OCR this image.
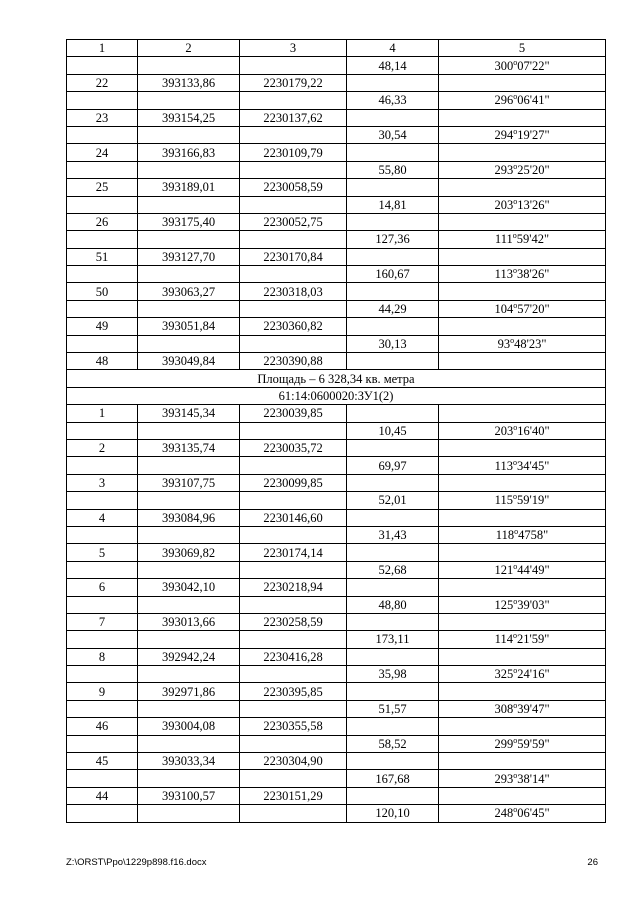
1	2	3	4	5
			48,14	300$^o$07'22"
22	393133,86	2230179,22		
			46,33	296$^o$06'41"
23	393154,25	2230137,62		
			30,54	294$^o$19'27"
24	393166,83	2230109,79		
			55,80	293$^o$25'20"
25	393189,01	2230058,59		
			14,81	203$^o$13'26"
26	393175,40	2230052,75		
			127,36	111$^o$59'42"
51	393127,70	2230170,84		
			160,67	113$^o$38'26"
50	393063,27	2230318,03		
			44,29	104$^o$57'20"
49	393051,84	2230360,82		
			30,13	93$^o$48'23"
48	393049,84	2230390,88		
Площадь – 6 328,34 кв. метра				
61:14:0600020:ЗУ1(2)				
1	393145,34	2230039,85		
			10,45	203$^o$16'40"
2	393135,74	2230035,72		
			69,97	113$^o$34'45"
3	393107,75	2230099,85		
			52,01	115$^o$59'19"
4	393084,96	2230146,60		
			31,43	118$^o$4758"
5	393069,82	2230174,14		
			52,68	121$^o$44'49"
6	393042,10	2230218,94		
			48,80	125$^o$39'03"
7	393013,66	2230258,59		
			173,11	114$^o$21'59"
8	392942,24	2230416,28		
			35,98	325$^o$24'16"
9	392971,86	2230395,85		
			51,57	308$^o$39'47"
46	393004,08	2230355,58		
			58,52	299$^o$59'59"
45	393033,34	2230304,90		
			167,68	293$^o$38'14"
44	393100,57	2230151,29		
			120,10	248$^o$06'45"
Z:\ORST\Ppo\1229p898.f16.docx	26
